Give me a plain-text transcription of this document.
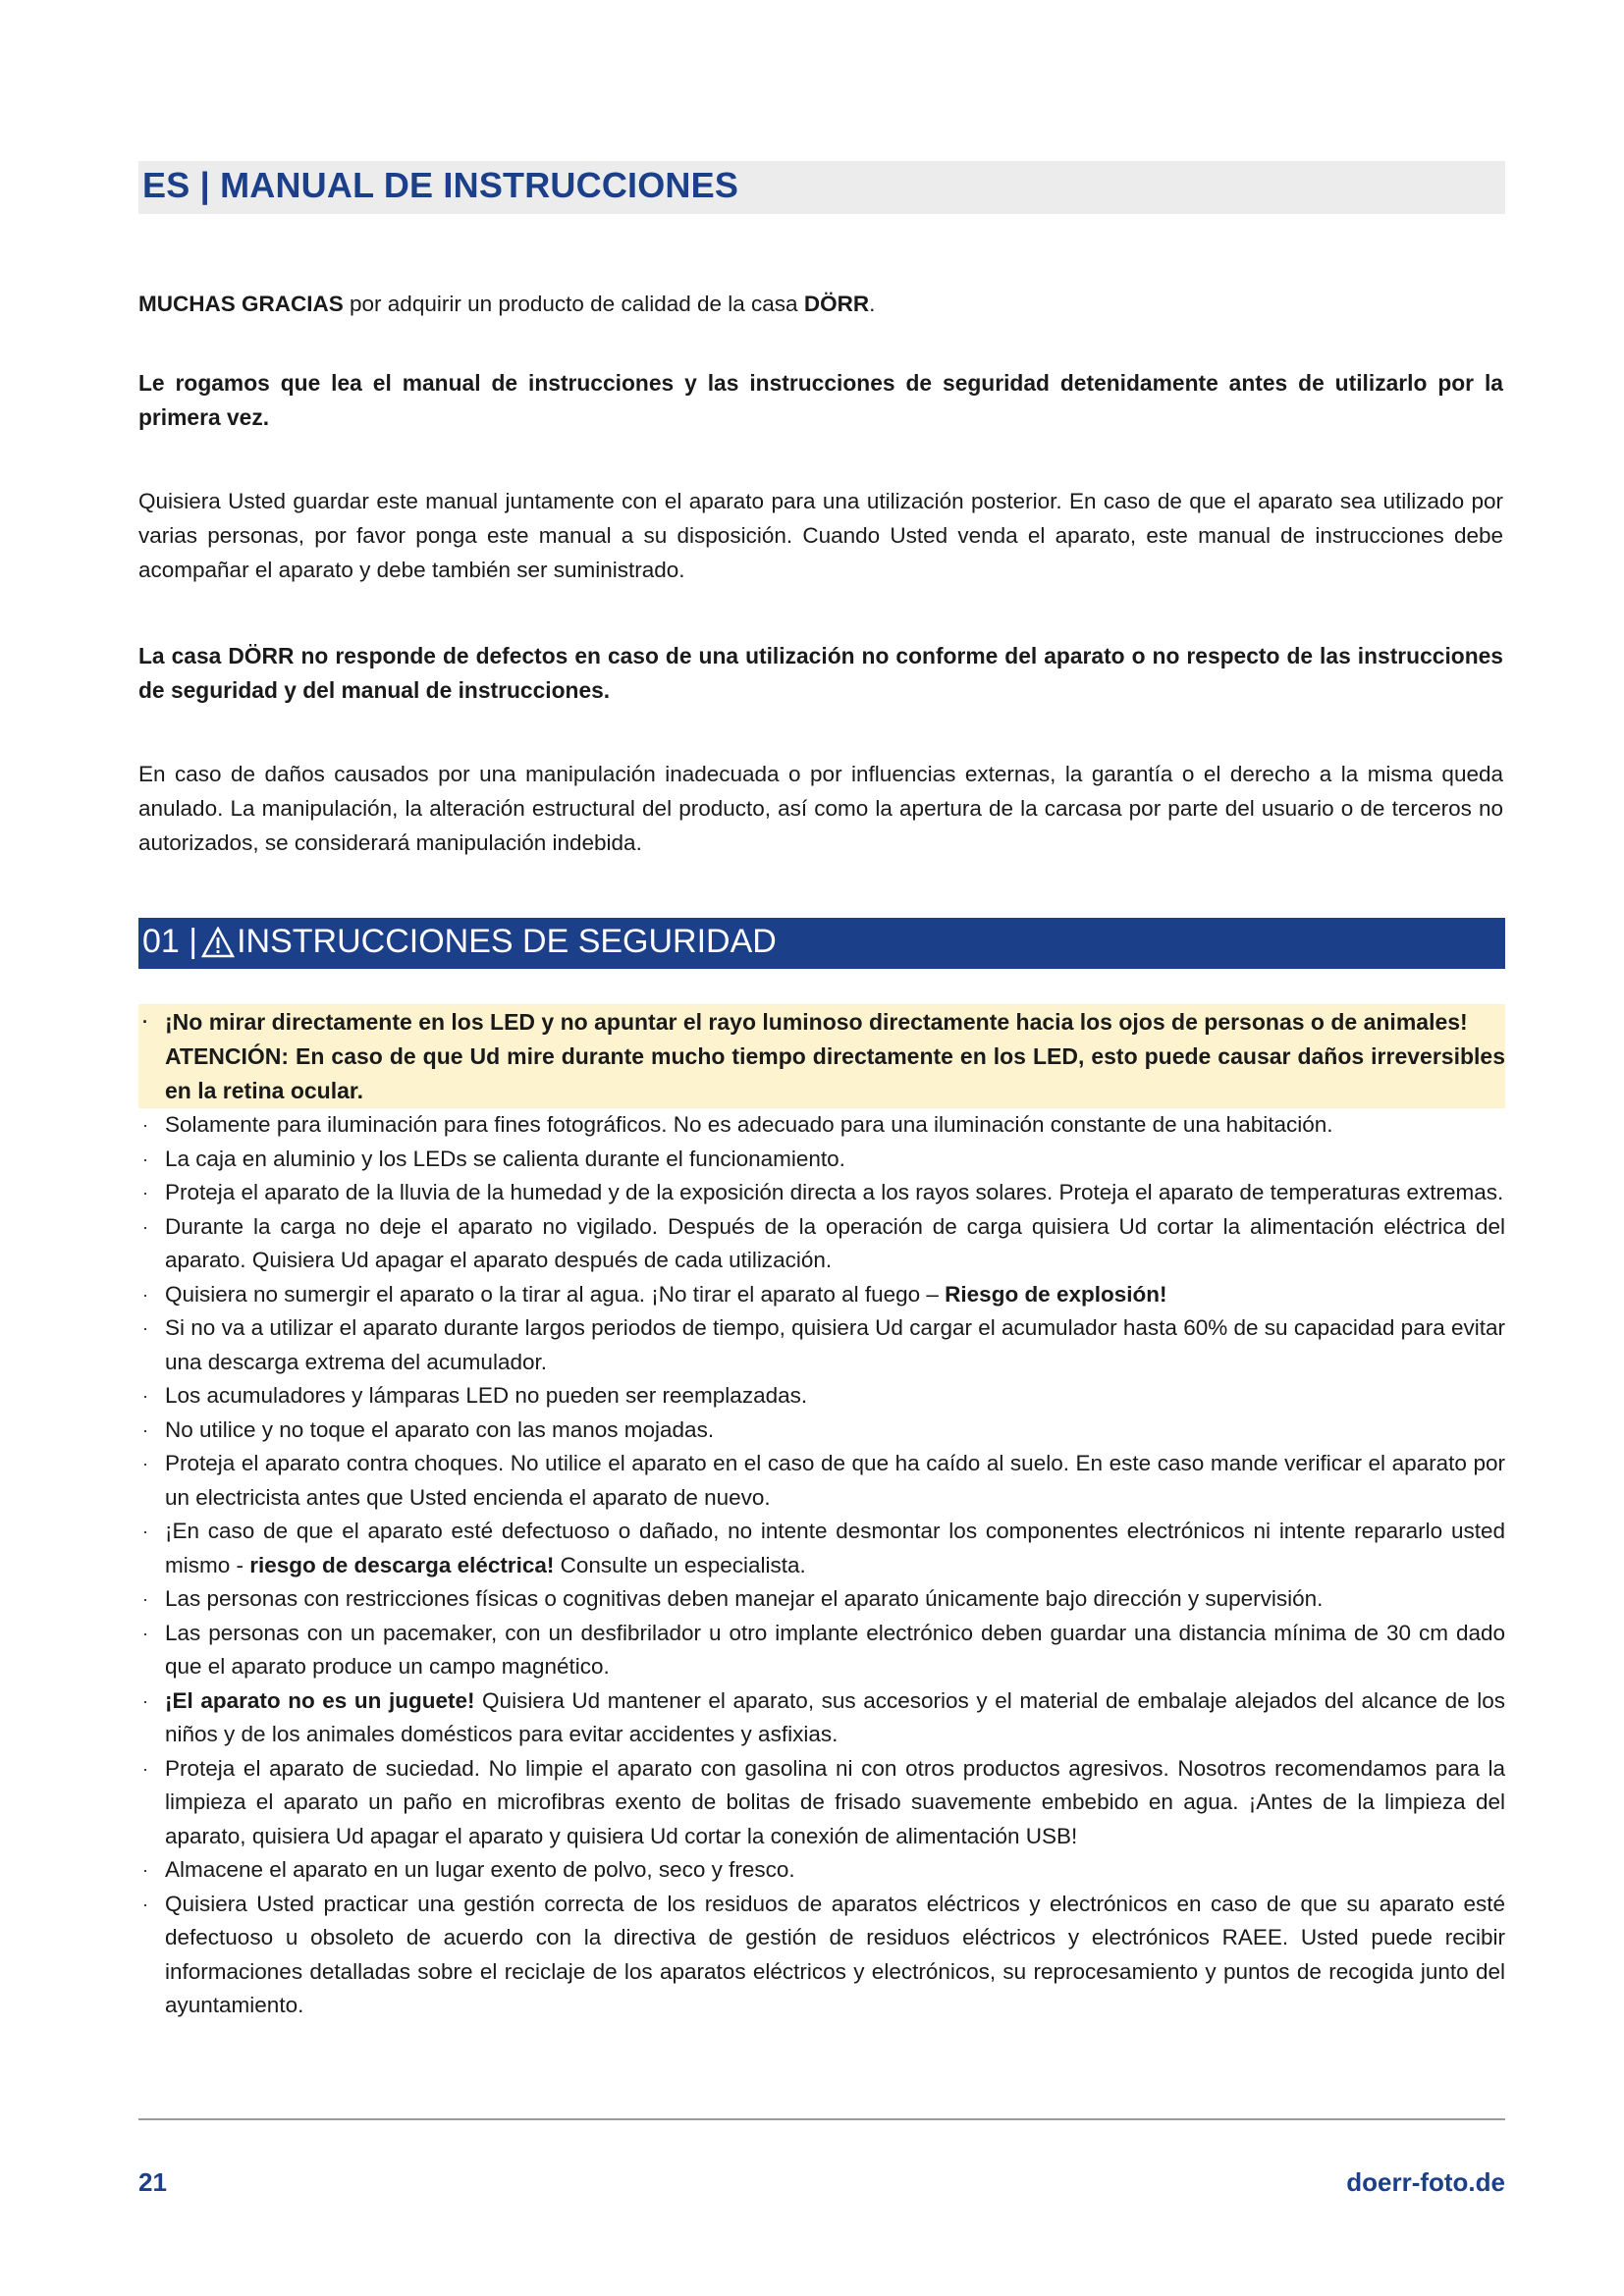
ES | MANUAL DE INSTRUCCIONES
MUCHAS GRACIAS por adquirir un producto de calidad de la casa DÖRR.
Le rogamos que lea el manual de instrucciones y las instrucciones de seguridad detenidamente antes de utilizarlo por la primera vez.
Quisiera Usted guardar este manual juntamente con el aparato para una utilización posterior. En caso de que el aparato sea utilizado por varias personas, por favor ponga este manual a su disposición. Cuando Usted venda el aparato, este manual de instrucciones debe acompañar el aparato y debe también ser suministrado.
La casa DÖRR no responde de defectos en caso de una utilización no conforme del aparato o no respecto de las instrucciones de seguridad y del manual de instrucciones.
En caso de daños causados por una manipulación inadecuada o por influencias externas, la garantía o el derecho a la misma queda anulado. La manipulación, la alteración estructural del producto, así como la apertura de la carcasa por parte del usuario o de terceros no autorizados, se considerará manipulación indebida.
01 | INSTRUCCIONES DE SEGURIDAD
· ¡No mirar directamente en los LED y no apuntar el rayo luminoso directamente hacia los ojos de personas o de animales!
ATENCIÓN: En caso de que Ud mire durante mucho tiempo directamente en los LED, esto puede causar daños irreversibles en la retina ocular.
· Solamente para iluminación para fines fotográficos. No es adecuado para una iluminación constante de una habitación.
· La caja en aluminio y los LEDs se calienta durante el funcionamiento.
· Proteja el aparato de la lluvia de la humedad y de la exposición directa a los rayos solares. Proteja el aparato de temperaturas extremas.
· Durante la carga no deje el aparato no vigilado. Después de la operación de carga quisiera Ud cortar la alimentación eléctrica del aparato. Quisiera Ud apagar el aparato después de cada utilización.
· Quisiera no sumergir el aparato o la tirar al agua. ¡No tirar el aparato al fuego – Riesgo de explosión!
· Si no va a utilizar el aparato durante largos periodos de tiempo, quisiera Ud cargar el acumulador hasta 60% de su capacidad para evitar una descarga extrema del acumulador.
· Los acumuladores y lámparas LED no pueden ser reemplazadas.
· No utilice y no toque el aparato con las manos mojadas.
· Proteja el aparato contra choques. No utilice el aparato en el caso de que ha caído al suelo. En este caso mande verificar el aparato por un electricista antes que Usted encienda el aparato de nuevo.
· ¡En caso de que el aparato esté defectuoso o dañado, no intente desmontar los componentes electrónicos ni intente repararlo usted mismo - riesgo de descarga eléctrica! Consulte un especialista.
· Las personas con restricciones físicas o cognitivas deben manejar el aparato únicamente bajo dirección y supervisión.
· Las personas con un pacemaker, con un desfibrilador u otro implante electrónico deben guardar una distancia mínima de 30 cm dado que el aparato produce un campo magnético.
· ¡El aparato no es un juguete! Quisiera Ud mantener el aparato, sus accesorios y el material de embalaje alejados del alcance de los niños y de los animales domésticos para evitar accidentes y asfixias.
· Proteja el aparato de suciedad. No limpie el aparato con gasolina ni con otros productos agresivos. Nosotros recomendamos para la limpieza el aparato un paño en microfibras exento de bolitas de frisado suavemente embebido en agua. ¡Antes de la limpieza del aparato, quisiera Ud apagar el aparato y quisiera Ud cortar la conexión de alimentación USB!
· Almacene el aparato en un lugar exento de polvo, seco y fresco.
· Quisiera Usted practicar una gestión correcta de los residuos de aparatos eléctricos y electrónicos en caso de que su aparato esté defectuoso u obsoleto de acuerdo con la directiva de gestión de residuos eléctricos y electrónicos RAEE. Usted puede recibir informaciones detalladas sobre el reciclaje de los aparatos eléctricos y electrónicos, su reprocesamiento y puntos de recogida junto del ayuntamiento.
21	doerr-foto.de
